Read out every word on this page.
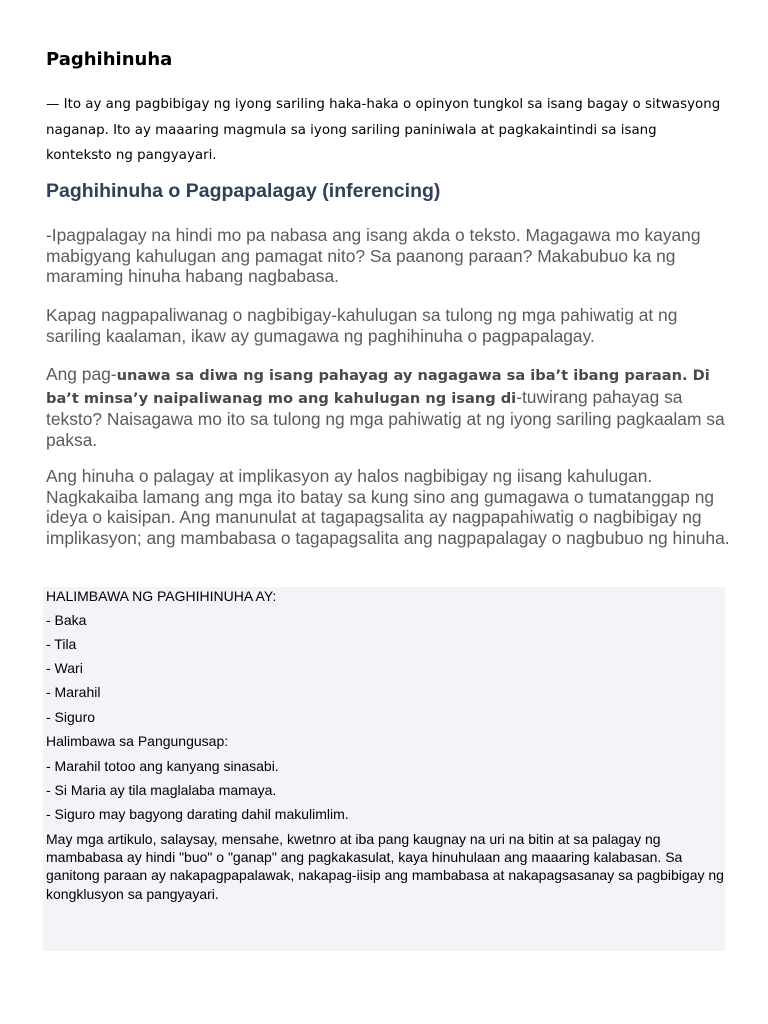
Paghihinuha

— Ito ay ang pagbibigay ng iyong sariling haka-haka o opinyon tungkol sa isang bagay o sitwasyong naganap. Ito ay maaaring magmula sa iyong sariling paniniwala at pagkakaintindi sa isang konteksto ng pangyayari.

Paghihinuha o Pagpapalagay (inferencing)

-Ipagpalagay na hindi mo pa nabasa ang isang akda o teksto. Magagawa mo kayang mabigyang kahulugan ang pamagat nito? Sa paanong paraan? Makabubuo ka ng maraming hinuha habang nagbabasa.

Kapag nagpapaliwanag o nagbibigay-kahulugan sa tulong ng mga pahiwatig at ng sariling kaalaman, ikaw ay gumagawa ng paghihinuha o pagpapalagay.

Ang pag-unawa sa diwa ng isang pahayag ay nagagawa sa iba’t ibang paraan. Di ba’t minsa’y naipaliwanag mo ang kahulugan ng isang di-tuwirang pahayag sa teksto? Naisagawa mo ito sa tulong ng mga pahiwatig at ng iyong sariling pagkaalam sa paksa.

Ang hinuha o palagay at implikasyon ay halos nagbibigay ng iisang kahulugan. Nagkakaiba lamang ang mga ito batay sa kung sino ang gumagawa o tumatanggap ng ideya o kaisipan. Ang manunulat at tagapagsalita ay nagpapahiwatig o nagbibigay ng implikasyon; ang mambabasa o tagapagsalita ang nagpapalagay o nagbubuo ng hinuha.

HALIMBAWA NG PAGHIHINUHA AY:

- Baka

- Tila

- Wari

- Marahil

- Siguro

Halimbawa sa Pangungusap:

- Marahil totoo ang kanyang sinasabi.

- Si Maria ay tila maglalaba mamaya.

- Siguro may bagyong darating dahil makulimlim.

May mga artikulo, salaysay, mensahe, kwetnro at iba pang kaugnay na uri na bitin at sa palagay ng mambabasa ay hindi "buo" o "ganap" ang pagkakasulat, kaya hinuhulaan ang maaaring kalabasan. Sa ganitong paraan ay nakapagpapalawak, nakapag-iisip ang mambabasa at nakapagsasanay sa pagbibigay ng kongklusyon sa pangyayari.
